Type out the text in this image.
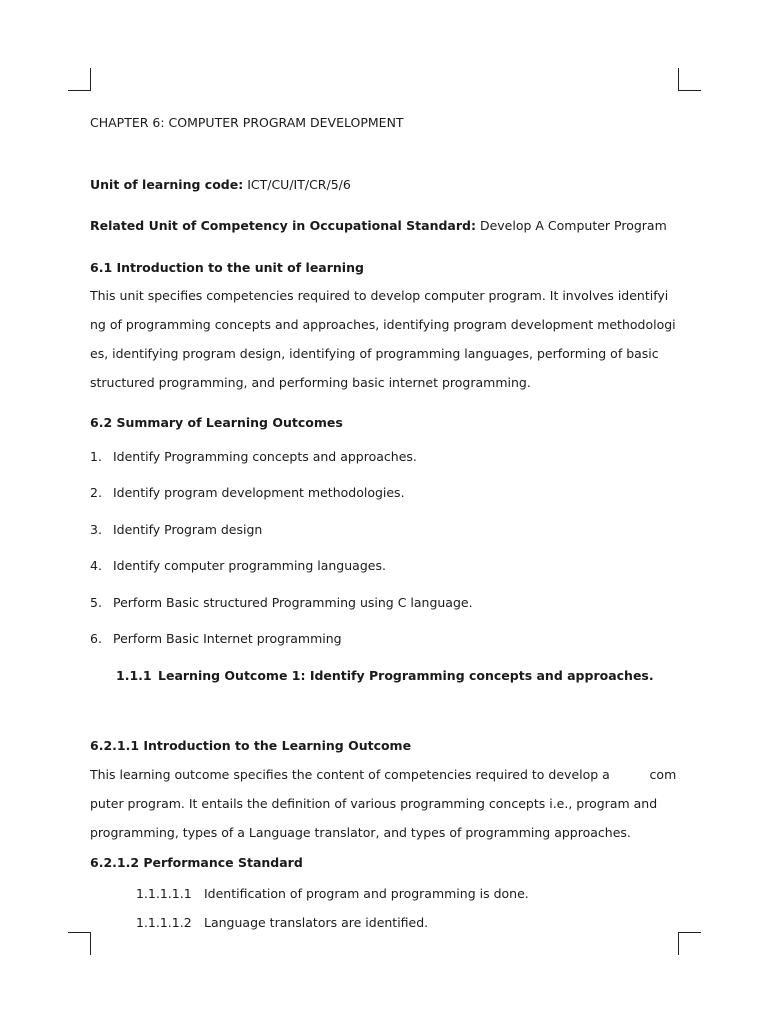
CHAPTER 6: COMPUTER PROGRAM DEVELOPMENT
Unit of learning code: ICT/CU/IT/CR/5/6
Related Unit of Competency in Occupational Standard: Develop A Computer Program
6.1 Introduction to the unit of learning
This unit specifies competencies required to develop computer program. It involves identifyi
ng of programming concepts and approaches, identifying program development methodologi
es, identifying program design, identifying of programming languages, performing of basic
structured programming, and performing basic internet programming.
6.2 Summary of Learning Outcomes
1. Identify Programming concepts and approaches.
2. Identify program development methodologies.
3. Identify Program design
4. Identify computer programming languages.
5. Perform Basic structured Programming using C language.
6. Perform Basic Internet programming
1.1.1 Learning Outcome 1: Identify Programming concepts and approaches.
6.2.1.1 Introduction to the Learning Outcome
This learning outcome specifies the content of competencies required to develop a          com
puter program. It entails the definition of various programming concepts i.e., program and
programming, types of a Language translator, and types of programming approaches.
6.2.1.2 Performance Standard
1.1.1.1.1 Identification of program and programming is done.
1.1.1.1.2 Language translators are identified.
